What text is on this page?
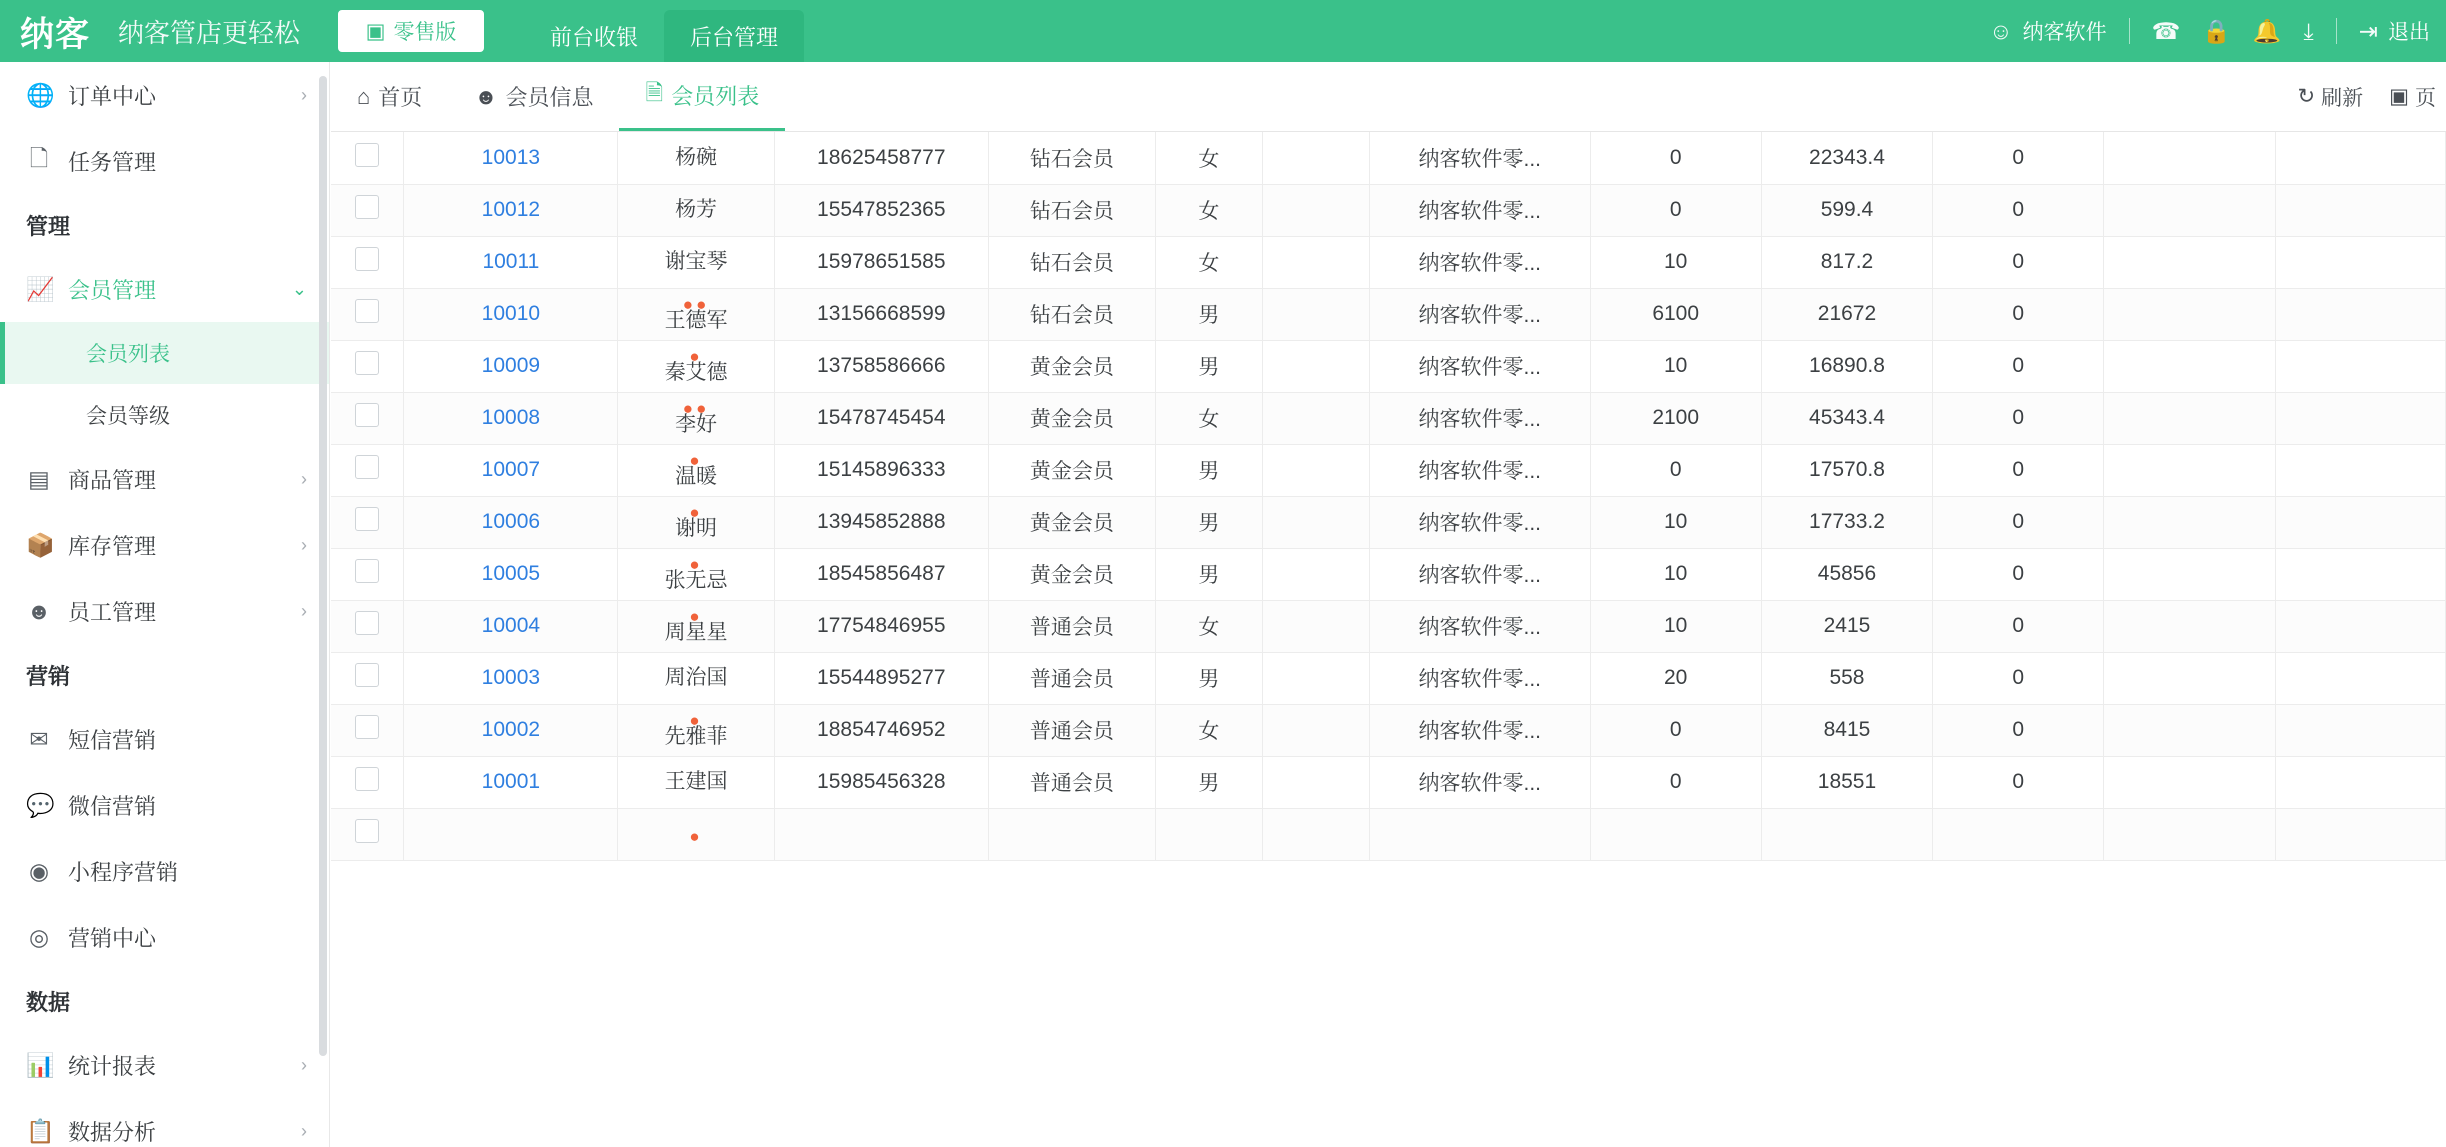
纳客 纳客管店更轻松	▣ 零售版	前台收银 后台管理	☺ 纳客软件 ☎ 🔒 🔔 ⤓ ⇥ 退出
🌐 订单中心	›
🗋 任务管理
管理
📈 会员管理	⌄
会员列表
会员等级
▤ 商品管理	›
📦 库存管理	›
☻ 员工管理	›
营销
✉ 短信营销
💬 微信营销
◉ 小程序营销
◎ 营销中心
数据
📊 统计报表	›
📋 数据分析	›
⌂ 首页 ☻ 会员信息 🗎 会员列表	↻ 刷新 ▣ 页
	10013	杨碗	18625458777	钻石会员	女		纳客软件零...	0	22343.4	0		
	10012	杨芳	15547852365	钻石会员	女		纳客软件零...	0	599.4	0		
	10011	谢宝琴	15978651585	钻石会员	女		纳客软件零...	10	817.2	0		
	10010	●●
王德军	13156668599	钻石会员	男		纳客软件零...	6100	21672	0		
	10009	●
秦艾德	13758586666	黄金会员	男		纳客软件零...	10	16890.8	0		
	10008	●●
李好	15478745454	黄金会员	女		纳客软件零...	2100	45343.4	0		
	10007	●
温暖	15145896333	黄金会员	男		纳客软件零...	0	17570.8	0		
	10006	●
谢明	13945852888	黄金会员	男		纳客软件零...	10	17733.2	0		
	10005	●
张无忌	18545856487	黄金会员	男		纳客软件零...	10	45856	0		
	10004	●
周星星	17754846955	普通会员	女		纳客软件零...	10	2415	0		
	10003	周治国	15544895277	普通会员	男		纳客软件零...	20	558	0		
	10002	●
先雅菲	18854746952	普通会员	女		纳客软件零...	0	8415	0		
	10001	王建国	15985456328	普通会员	男		纳客软件零...	0	18551	0		

		●										
